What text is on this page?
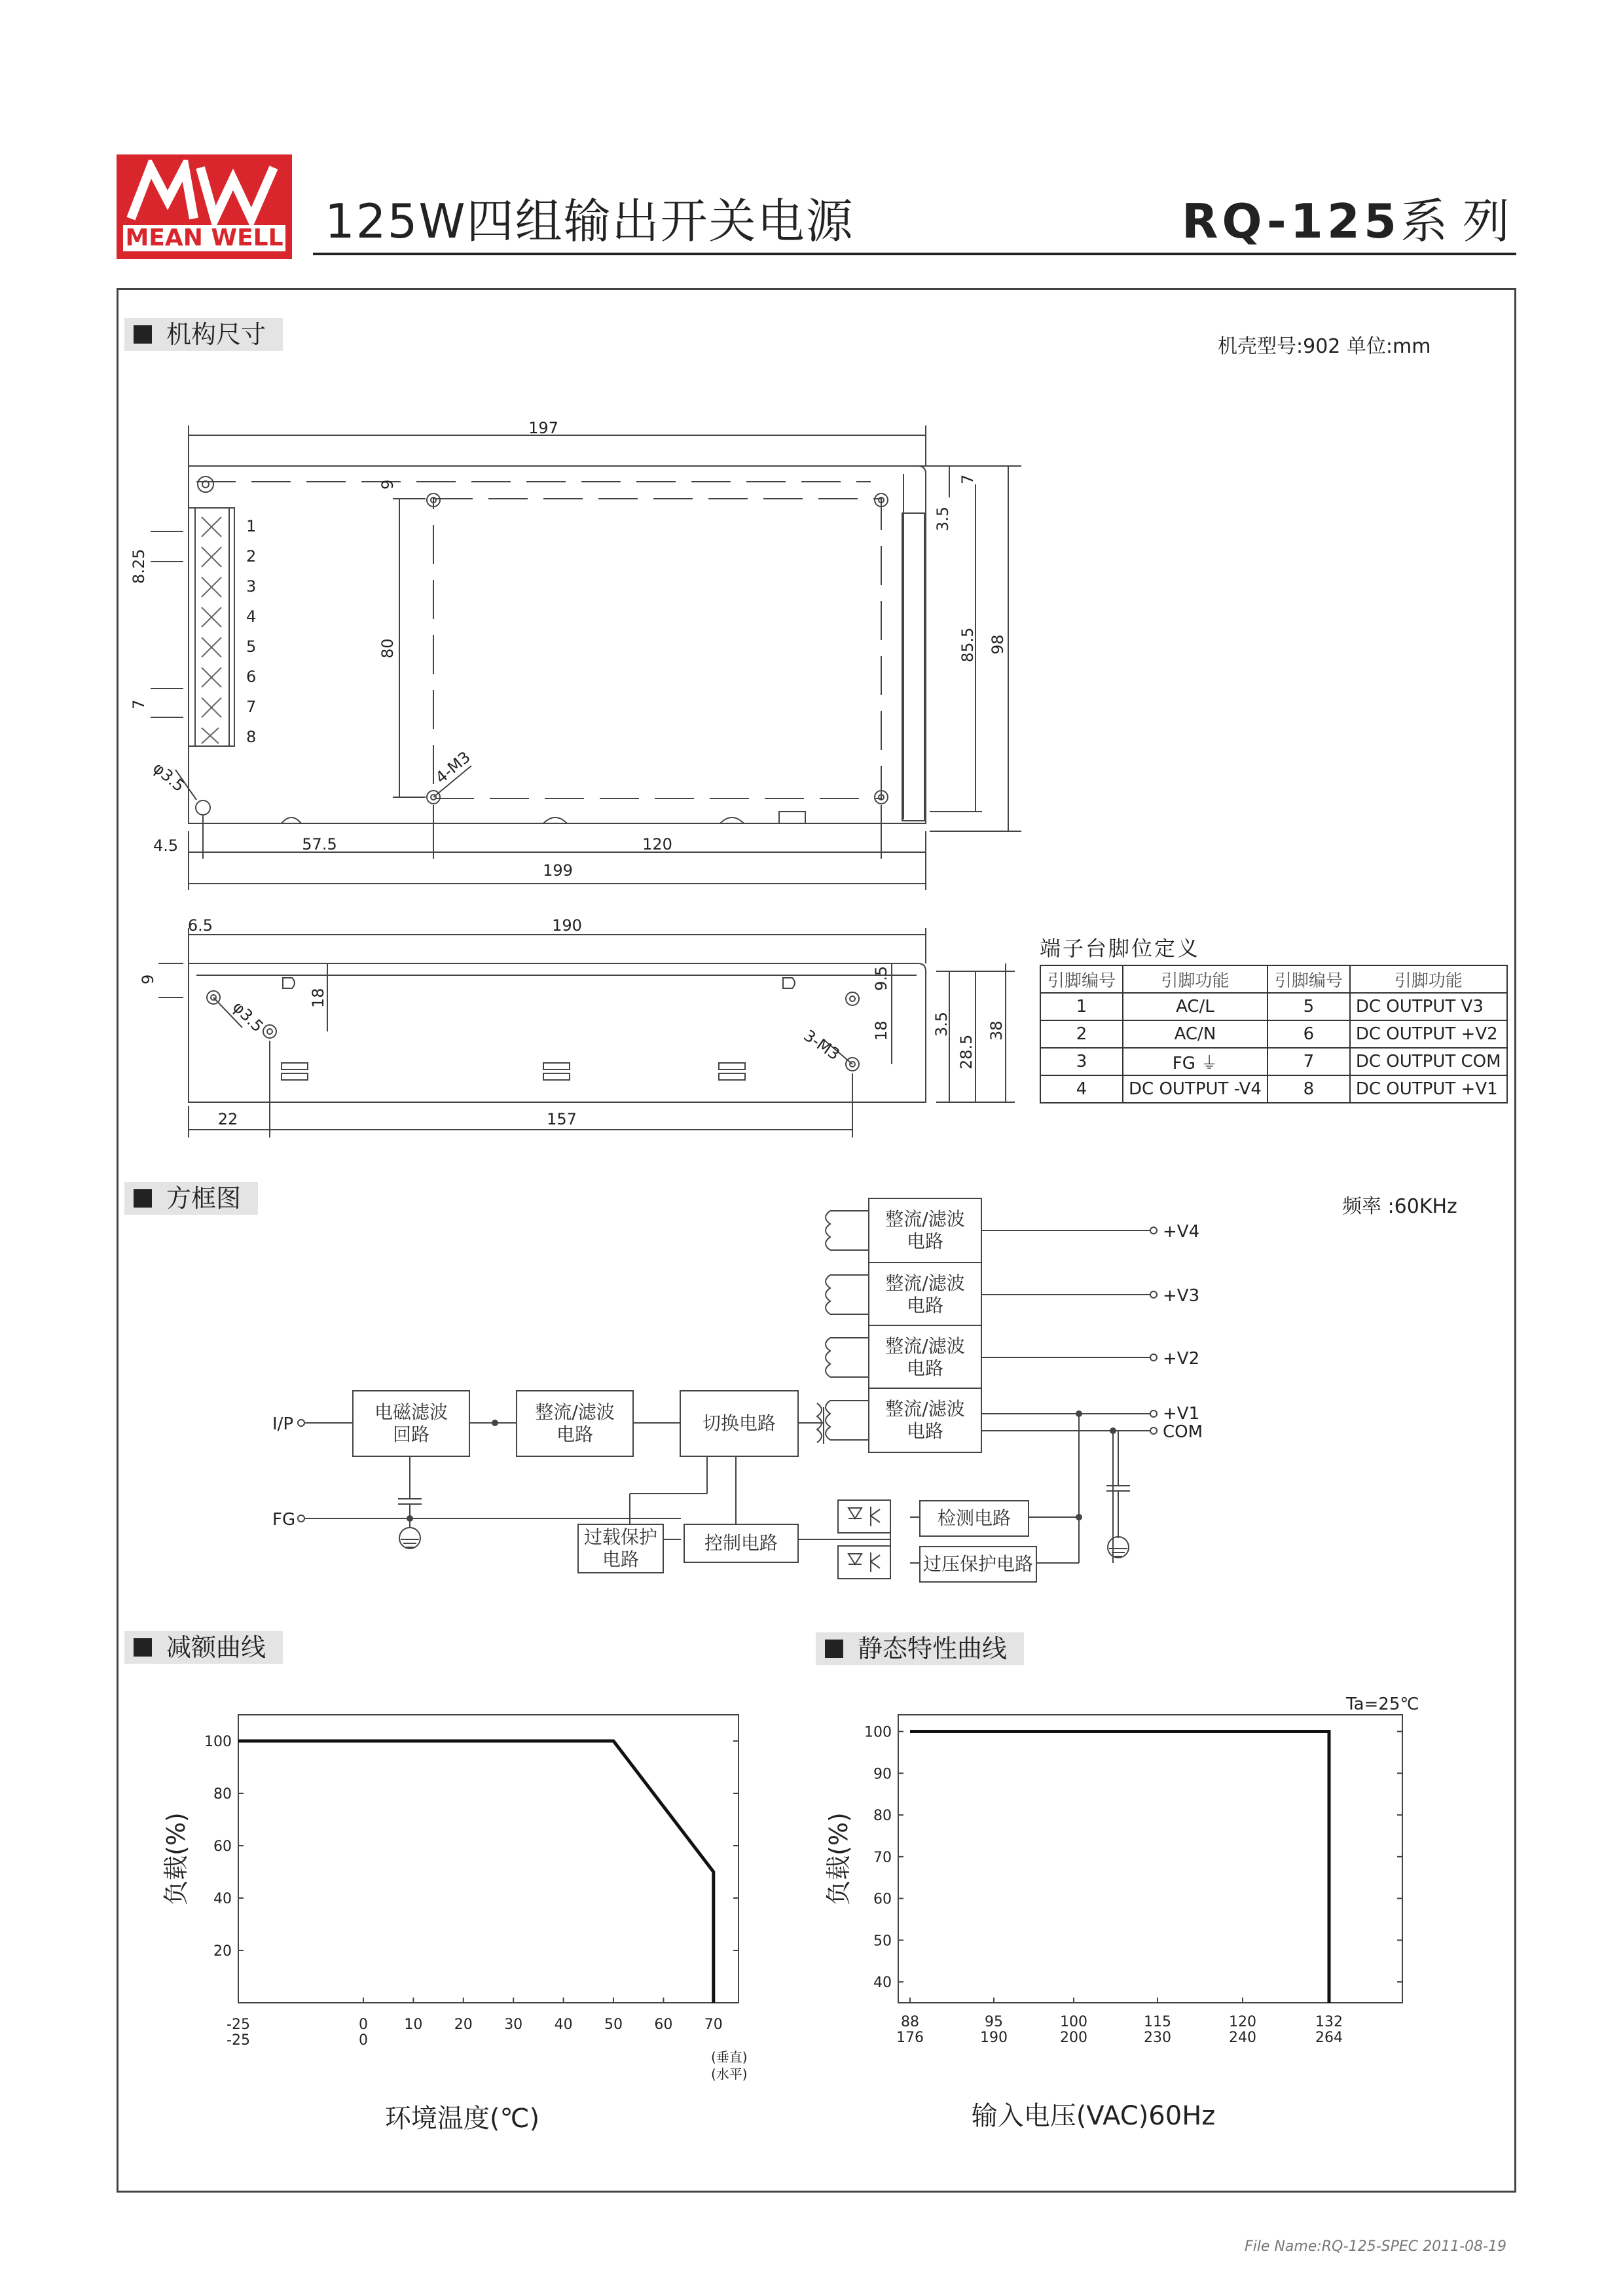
MEAN WELL 125W四组输出开关电源	RQ-125系 列
机构尺寸
方框图
减额曲线	静态特性曲线
机壳型号:902 单位:mm
频率 :60KHz
197
9
7
3.5
80	85.5 98
8.25
7
φ3.5	4-M3
4.5	57.5	120
199
1
2
3
4
5
6
7
8
6.5	190
9
18
φ3.5
9.5
18
3-M3
3.5
28.5
38
22	157
端子台脚位定义
引脚编号	引脚功能	引脚编号	引脚功能
1	AC/L	5	DC OUTPUT V3
2	AC/N	6	DC OUTPUT +V2
3	FG ⏚	7	DC OUTPUT COM
4	DC OUTPUT -V4	8	DC OUTPUT +V1
I/P
FG
+V4
+V3
+V2
+V1
COM
电磁滤波
回路
整流/滤波
电路
切换电路
整流/滤波
电路
整流/滤波
电路
整流/滤波
电路
整流/滤波
电路
过载保护
电路
控制电路
检测电路
过压保护电路
100
80
60
40
20
-25	0	10 20 30 40 50 60 70
-25	0
负载(%)
环境温度(℃)
(垂直)
(水平)
100
90
80
70
60
50
40
88
176
95
190
100
200
115
230
120
240
132
264
Ta=25℃
负载(%)
输入电压(VAC)60Hz
File Name:RQ-125-SPEC 2011-08-19
